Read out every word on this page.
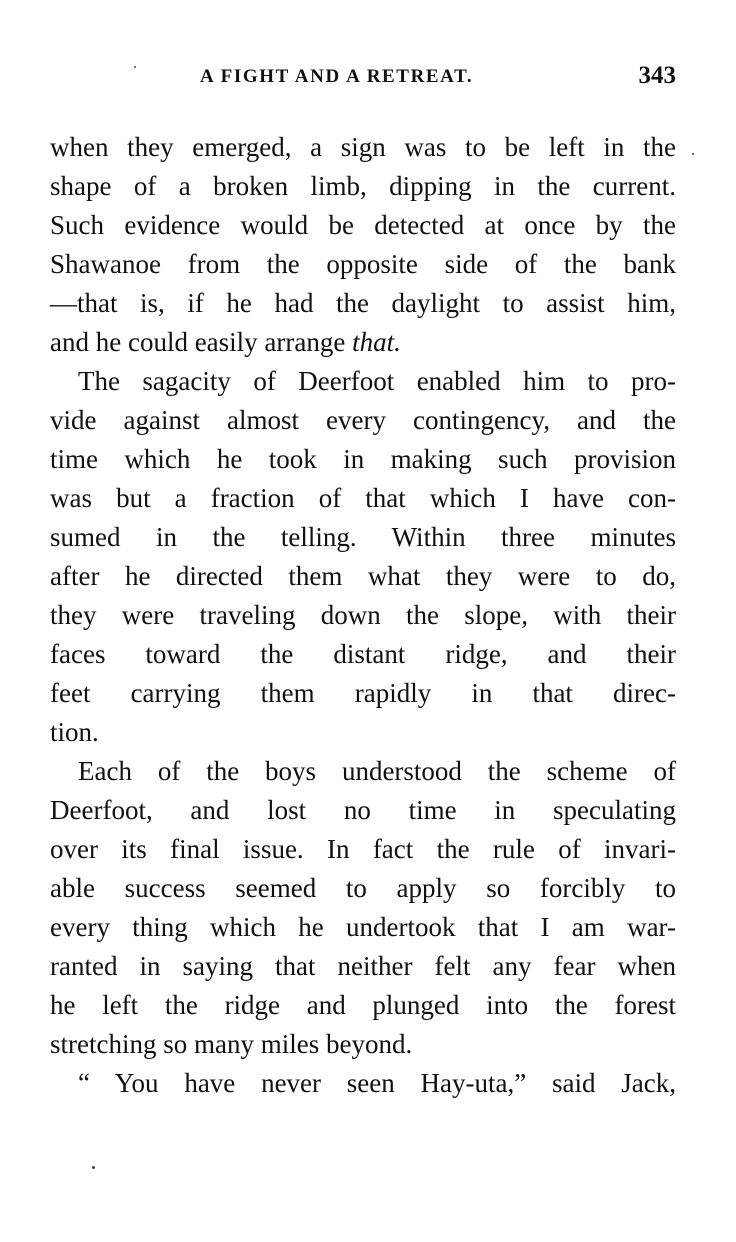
A FIGHT AND A RETREAT.	343
when they emerged, a sign was to be left in the
shape of a broken limb, dipping in the current.
Such evidence would be detected at once by the
Shawanoe from the opposite side of the bank
—that is, if he had the daylight to assist him,
and he could easily arrange that.
The sagacity of Deerfoot enabled him to pro-
vide against almost every contingency, and the
time which he took in making such provision
was but a fraction of that which I have con-
sumed in the telling. Within three minutes
after he directed them what they were to do,
they were traveling down the slope, with their
faces toward the distant ridge, and their
feet carrying them rapidly in that direc-
tion.
Each of the boys understood the scheme of
Deerfoot, and lost no time in speculating
over its final issue. In fact the rule of invari-
able success seemed to apply so forcibly to
every thing which he undertook that I am war-
ranted in saying that neither felt any fear when
he left the ridge and plunged into the forest
stretching so many miles beyond.
“ You have never seen Hay-uta,” said Jack,
